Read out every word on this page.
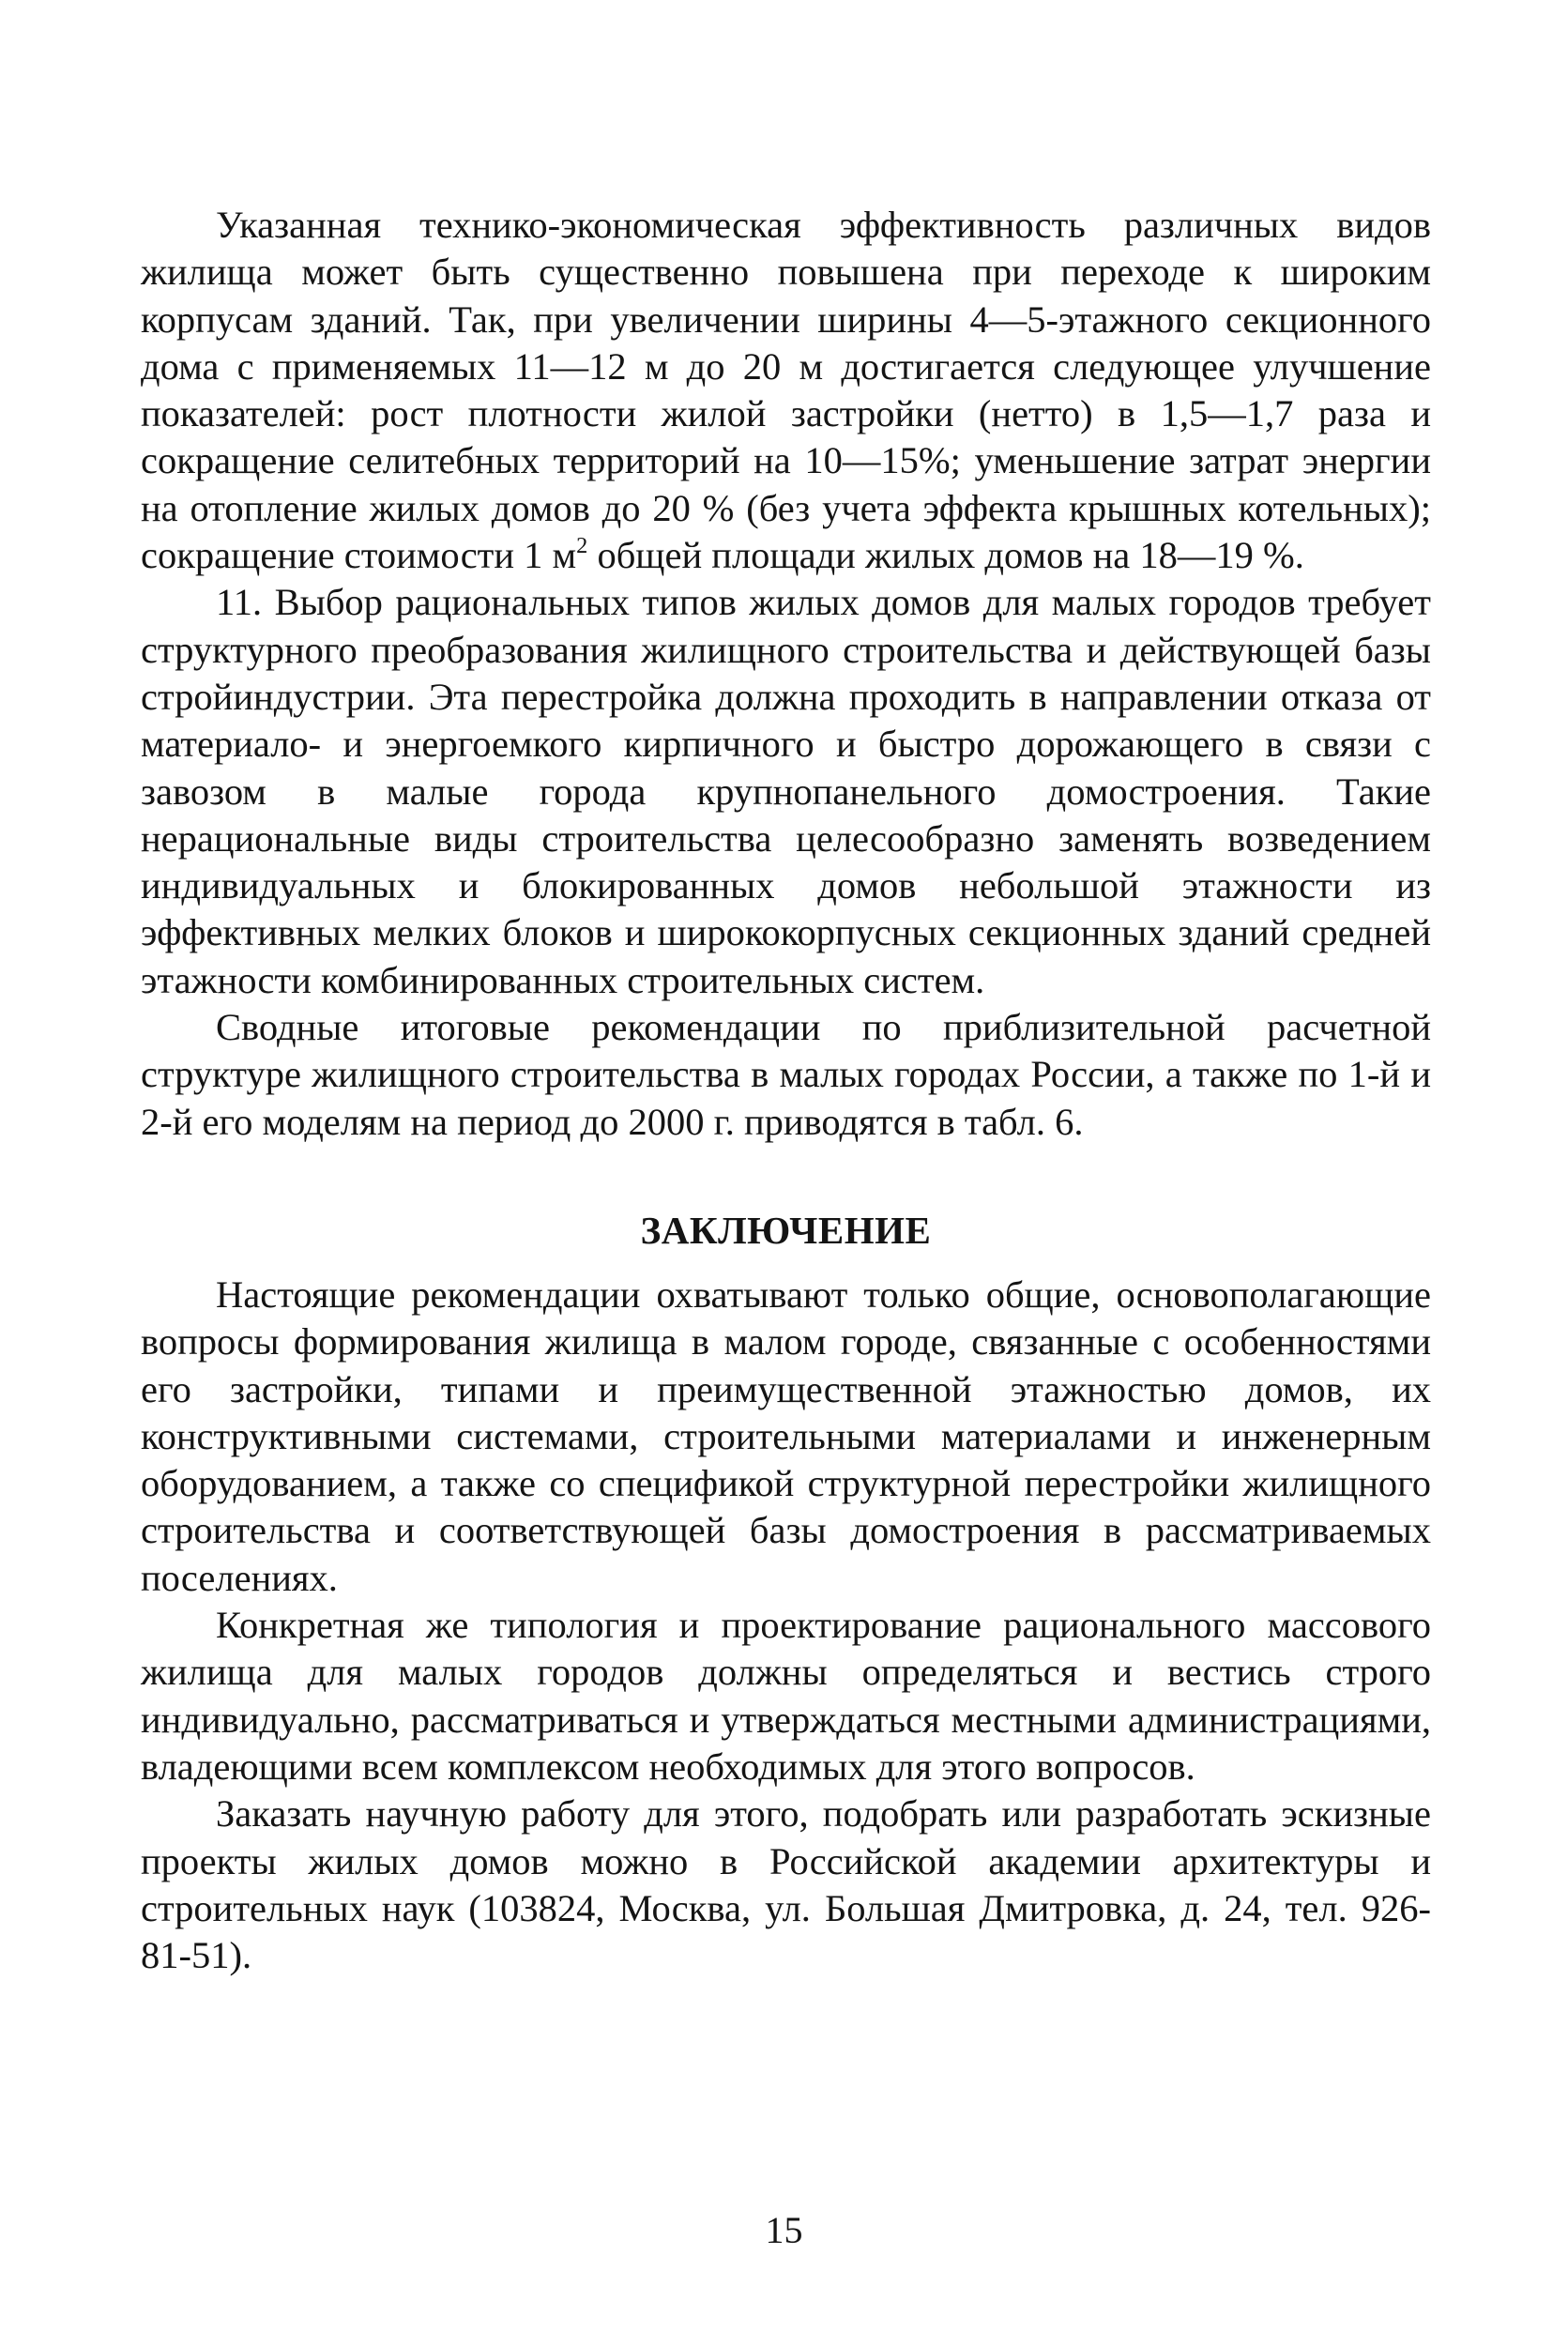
Указанная технико-экономическая эффективность различных видов жилища может быть существенно повышена при переходе к широким корпусам зданий. Так, при увеличении ширины 4—5-этажного секционного дома с применяемых 11—12 м до 20 м достигается следующее улучшение показателей: рост плотности жилой застройки (нетто) в 1,5—1,7 раза и сокращение селитебных территорий на 10—15%; уменьшение затрат энергии на отопление жилых домов до 20 % (без учета эффекта крышных котельных); сокращение стоимости 1 $м^2$ общей площади жилых домов на 18—19 %.

11. Выбор рациональных типов жилых домов для малых городов требует структурного преобразования жилищного строительства и действующей базы стройиндустрии. Эта перестройка должна проходить в направлении отказа от материало- и энергоемкого кирпичного и быстро дорожающего в связи с завозом в малые города крупнопанельного домостроения. Такие нерациональные виды строительства целесообразно заменять возведением индивидуальных и блокированных домов небольшой этажности из эффективных мелких блоков и ширококорпусных секционных зданий средней этажности комбинированных строительных систем.

Сводные итоговые рекомендации по приблизительной расчетной структуре жилищного строительства в малых городах России, а также по 1-й и 2-й его моделям на период до 2000 г. приводятся в табл. 6.

ЗАКЛЮЧЕНИЕ

Настоящие рекомендации охватывают только общие, основополагающие вопросы формирования жилища в малом городе, связанные с особенностями его застройки, типами и преимущественной этажностью домов, их конструктивными системами, строительными материалами и инженерным оборудованием, а также со спецификой структурной перестройки жилищного строительства и соответствующей базы домостроения в рассматриваемых поселениях.

Конкретная же типология и проектирование рационального массового жилища для малых городов должны определяться и вестись строго индивидуально, рассматриваться и утверждаться местными администрациями, владеющими всем комплексом необходимых для этого вопросов.

Заказать научную работу для этого, подобрать или разработать эскизные проекты жилых домов можно в Российской академии архитектуры и строительных наук (103824, Москва, ул. Большая Дмитровка, д. 24, тел. 926-81-51).

15
